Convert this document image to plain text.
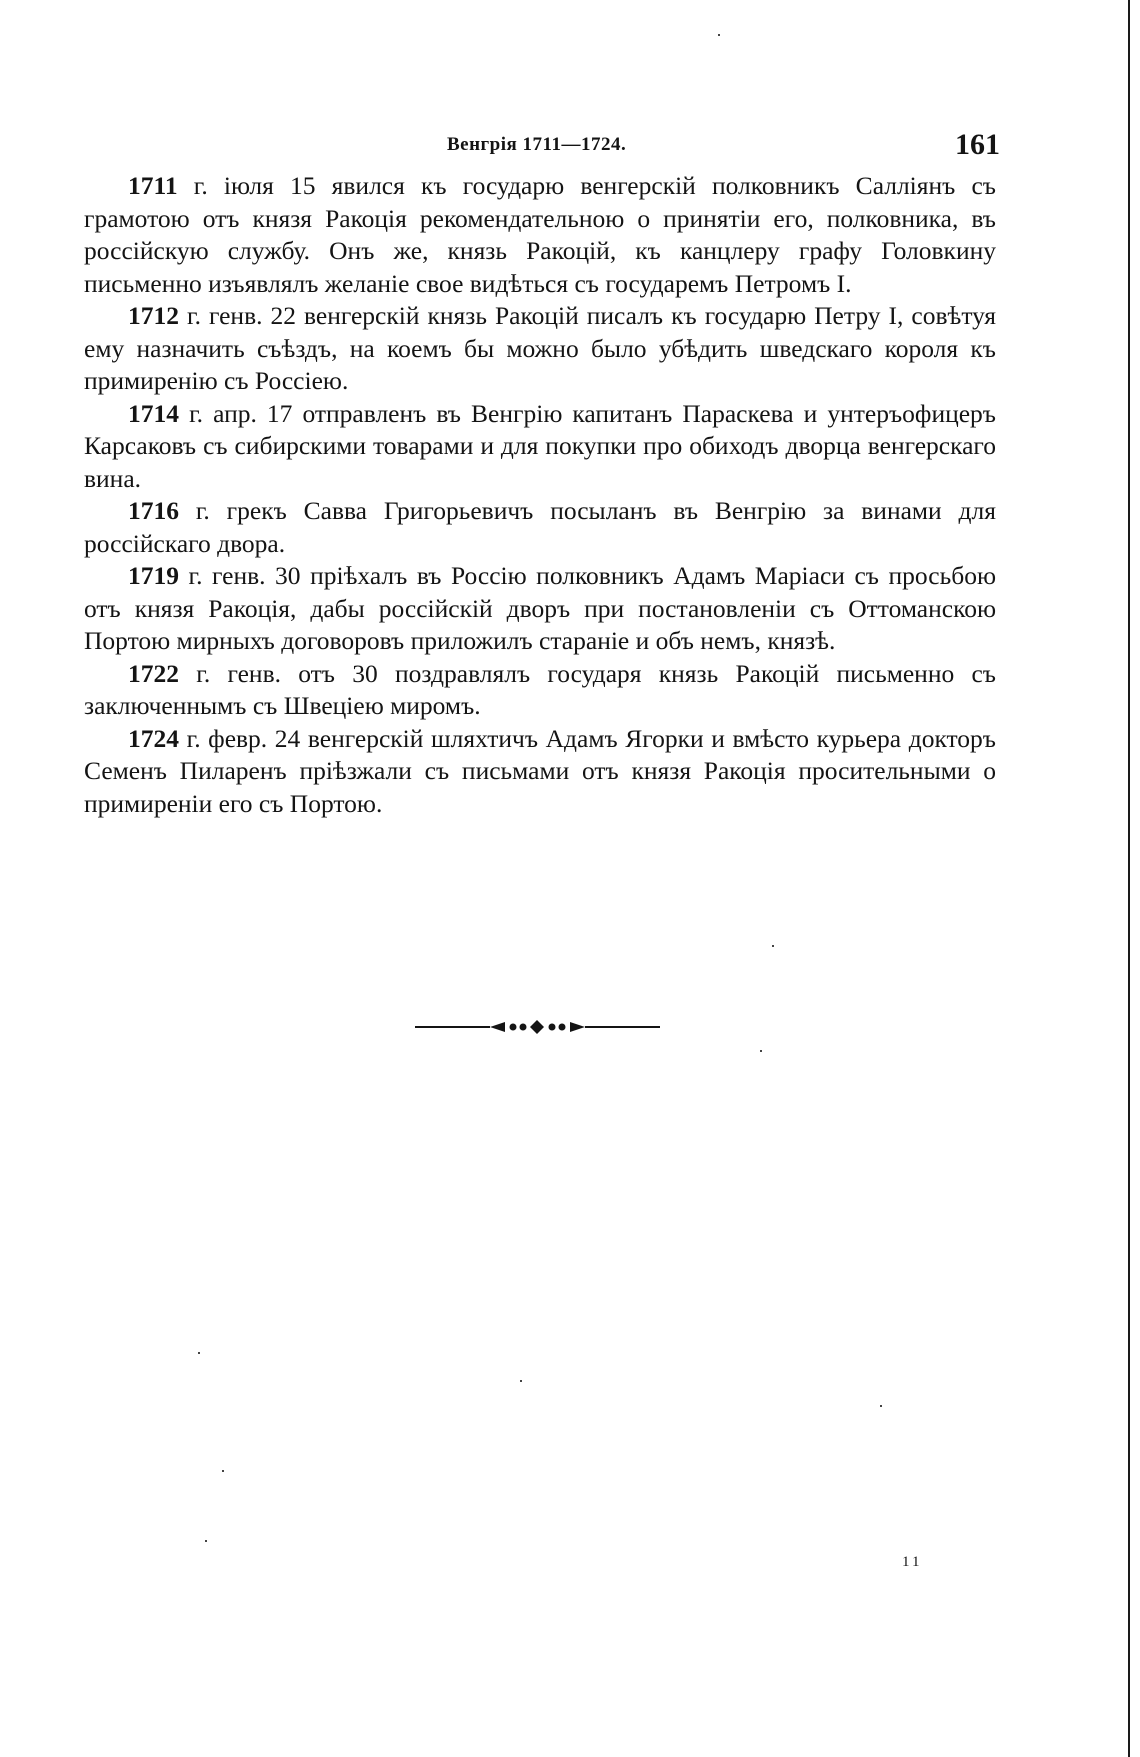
Венгрія 1711—1724.	161

1711 г. іюля 15 явился къ государю венгерскій полковникъ Салліянъ съ грамотою отъ князя Ракоція рекомендательною о принятіи его, полковника, въ россійскую службу. Онъ же, князь Ракоцій, къ канцлеру графу Головкину письменно изъявлялъ желаніе свое видѣться съ государемъ Петромъ I.

1712 г. генв. 22 венгерскій князь Ракоцій писалъ къ государю Петру I, совѣтуя ему назначить съѣздъ, на коемъ бы можно было убѣдить шведскаго короля къ примиренію съ Россіею.

1714 г. апр. 17 отправленъ въ Венгрію капитанъ Параскева и унтеръофицеръ Карсаковъ съ сибирскими товарами и для покупки про обиходъ дворца венгерскаго вина.

1716 г. грекъ Савва Григорьевичъ посыланъ въ Венгрію за винами для россійскаго двора.

1719 г. генв. 30 пріѣхалъ въ Россію полковникъ Адамъ Маріаси съ просьбою отъ князя Ракоція, дабы россійскій дворъ при постановленіи съ Оттоманскою Портою мирныхъ договоровъ приложилъ стараніе и объ немъ, князѣ.

1722 г. генв. отъ 30 поздравлялъ государя князь Ракоцій письменно съ заключеннымъ съ Швеціею миромъ.

1724 г. февр. 24 венгерскій шляхтичъ Адамъ Ягорки и вмѣсто курьера докторъ Семенъ Пиларенъ пріѣзжали съ письмами отъ князя Ракоція просительными о примиреніи его съ Портою.

11
